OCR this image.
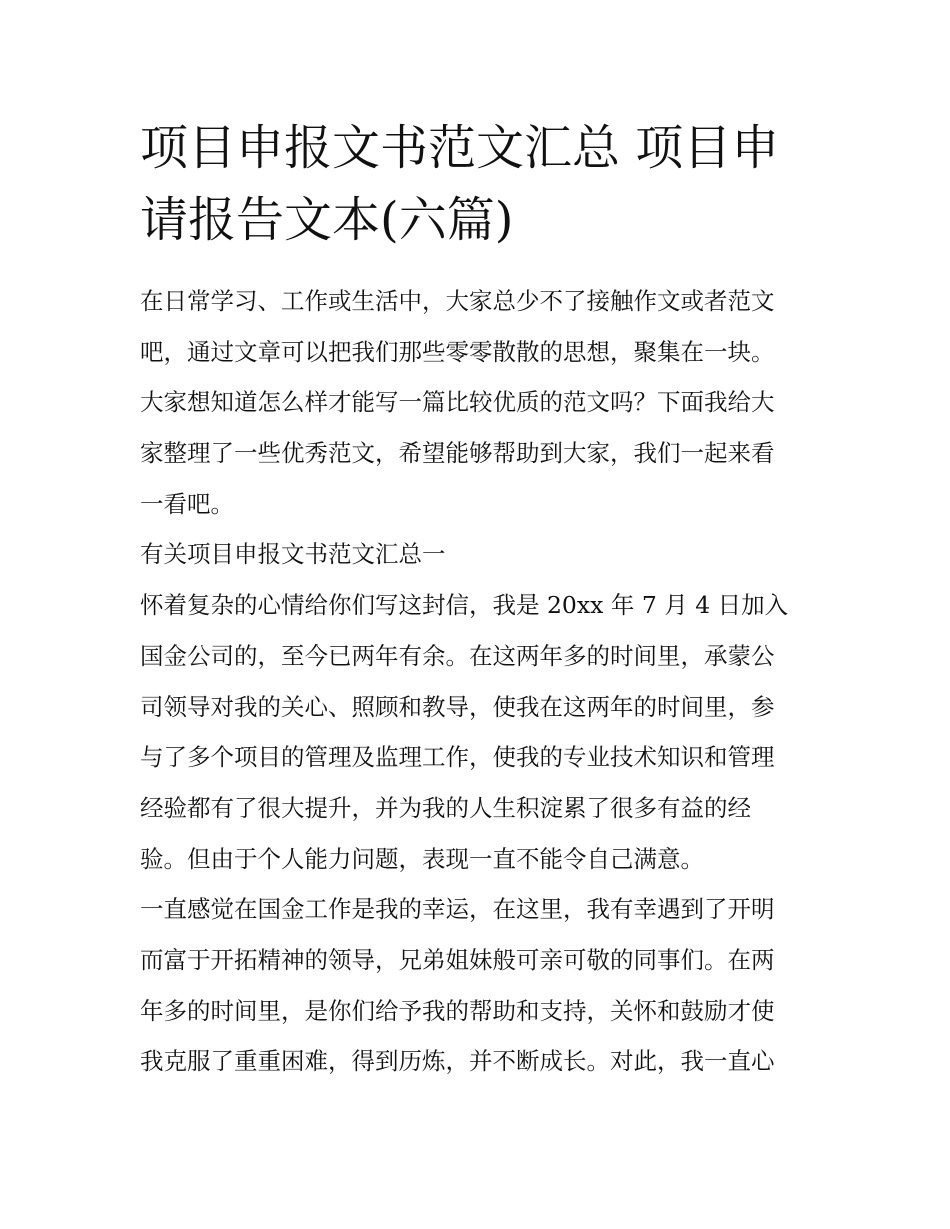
项目申报文书范文汇总 项目申
请报告文本(六篇)
在日常学习、工作或生活中，大家总少不了接触作文或者范文
吧，通过文章可以把我们那些零零散散的思想，聚集在一块。
大家想知道怎么样才能写一篇比较优质的范文吗？下面我给大
家整理了一些优秀范文，希望能够帮助到大家，我们一起来看
一看吧。
有关项目申报文书范文汇总一
怀着复杂的心情给你们写这封信，我是 20xx 年 7 月 4 日加入
国金公司的，至今已两年有余。在这两年多的时间里，承蒙公
司领导对我的关心、照顾和教导，使我在这两年的时间里，参
与了多个项目的管理及监理工作，使我的专业技术知识和管理
经验都有了很大提升，并为我的人生积淀累了很多有益的经
验。但由于个人能力问题，表现一直不能令自己满意。
一直感觉在国金工作是我的幸运，在这里，我有幸遇到了开明
而富于开拓精神的领导，兄弟姐妹般可亲可敬的同事们。在两
年多的时间里，是你们给予我的帮助和支持，关怀和鼓励才使
我克服了重重困难，得到历炼，并不断成长。对此，我一直心
